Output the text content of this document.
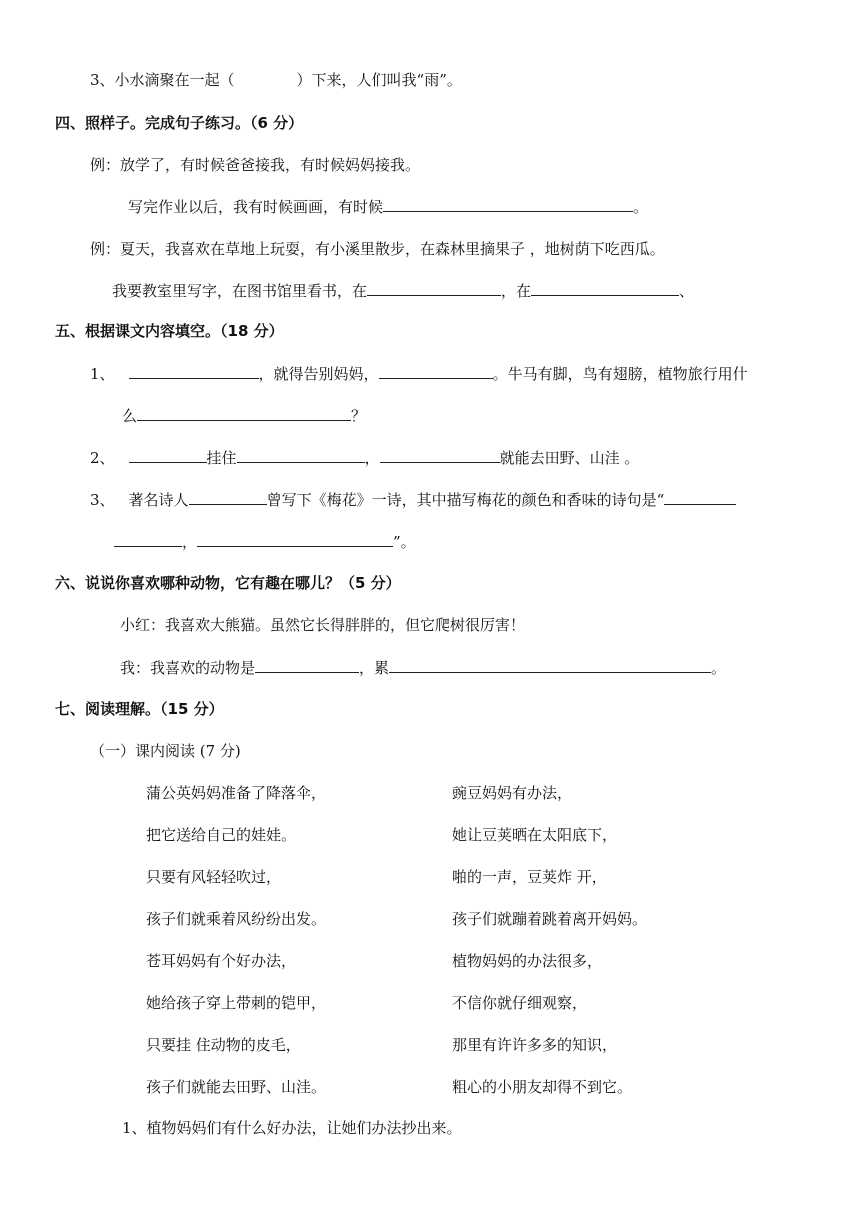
3、小水滴聚在一起（	）下来，人们叫我“雨”。
四、照样子。完成句子练习。（6 分）
例：放学了，有时候爸爸接我，有时候妈妈接我。
写完作业以后，我有时候画画，有时候	。
例：夏天，我喜欢在草地上玩耍，有小溪里散步，在森林里摘果子 ，地树荫下吃西瓜。
我要教室里写字，在图书馆里看书，在	，在	、
五、根据课文内容填空。（18 分）
1、	，就得告别妈妈，	。牛马有脚，鸟有翅膀，植物旅行用什
么	？
2、	挂住	，	就能去田野、山洼 。
3、 著名诗人	曾写下《梅花》一诗，其中描写梅花的颜色和香味的诗句是“
，	”。
六、说说你喜欢哪种动物，它有趣在哪儿？（5 分）
小红：我喜欢大熊猫。虽然它长得胖胖的，但它爬树很厉害！
我：我喜欢的动物是	，累	。
七、阅读理解。（15 分）
（一）课内阅读 (7 分)
蒲公英妈妈准备了降落伞，
把它送给自己的娃娃。
只要有风轻轻吹过，
孩子们就乘着风纷纷出发。
苍耳妈妈有个好办法，
她给孩子穿上带刺的铠甲，
只要挂 住动物的皮毛，
孩子们就能去田野、山洼。
豌豆妈妈有办法，
她让豆荚晒在太阳底下，
啪的一声，豆荚炸 开，
孩子们就蹦着跳着离开妈妈。
植物妈妈的办法很多，
不信你就仔细观察，
那里有许许多多的知识，
粗心的小朋友却得不到它。
1、植物妈妈们有什么好办法，让她们办法抄出来。
